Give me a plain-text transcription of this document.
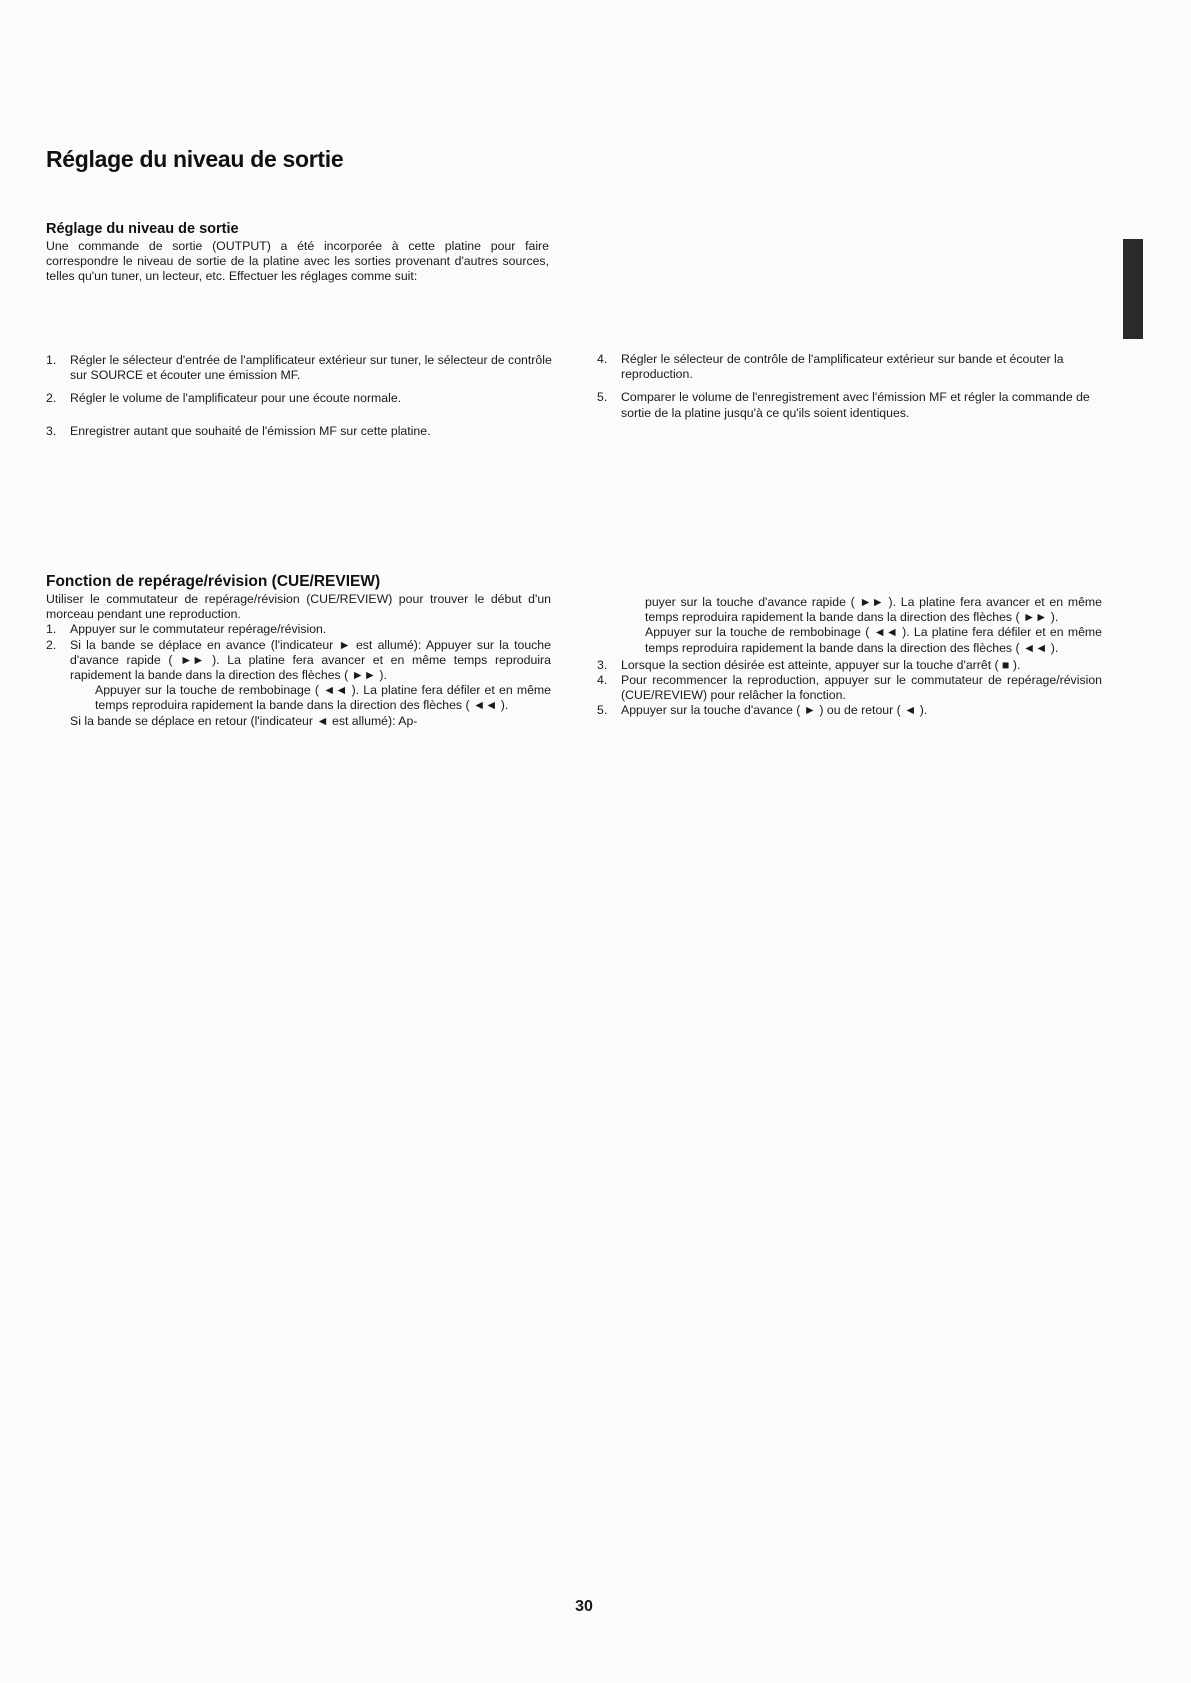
Réglage du niveau de sortie
Réglage du niveau de sortie

Une commande de sortie (OUTPUT) a été incorporée à cette platine pour faire correspondre le niveau de sortie de la platine avec les sorties provenant d'autres sources, telles qu'un tuner, un lecteur, etc. Effectuer les réglages comme suit:

1.	Régler le sélecteur d'entrée de l'amplificateur extérieur sur tuner, le sélecteur de contrôle sur SOURCE et écouter une émission MF.
2.	Régler le volume de l'amplificateur pour une écoute normale.
3.	Enregistrer autant que souhaité de l'émission MF sur cette platine.
4.	Régler le sélecteur de contrôle de l'amplificateur extérieur sur bande et écouter la reproduction.
5.	Comparer le volume de l'enregistrement avec l'émission MF et régler la commande de sortie de la platine jusqu'à ce qu'ils soient identiques.
Fonction de repérage/révision (CUE/REVIEW)

Utiliser le commutateur de repérage/révision (CUE/REVIEW) pour trouver le début d'un morceau pendant une reproduction.

1.	Appuyer sur le commutateur repérage/révision.
2.	Si la bande se déplace en avance (l'indicateur ► est allumé): Appuyer sur la touche d'avance rapide ( ►► ). La platine fera avancer et en même temps reproduira rapidement la bande dans la direction des flèches ( ►► ).

Appuyer sur la touche de rembobinage ( ◄◄ ). La platine fera défiler et en même temps reproduira rapidement la bande dans la direction des flèches ( ◄◄ ).

Si la bande se déplace en retour (l'indicateur ◄ est allumé): Ap-

puyer sur la touche d'avance rapide ( ►► ). La platine fera avancer et en même temps reproduira rapidement la bande dans la direction des flèches ( ►► ).

Appuyer sur la touche de rembobinage ( ◄◄ ). La platine fera défiler et en même temps reproduira rapidement la bande dans la direction des flèches ( ◄◄ ).

3.	Lorsque la section désirée est atteinte, appuyer sur la touche d'arrêt ( ■ ).
4.	Pour recommencer la reproduction, appuyer sur le commutateur de repérage/révision (CUE/REVIEW) pour relâcher la fonction.
5.	Appuyer sur la touche d'avance ( ► ) ou de retour ( ◄ ).
30
